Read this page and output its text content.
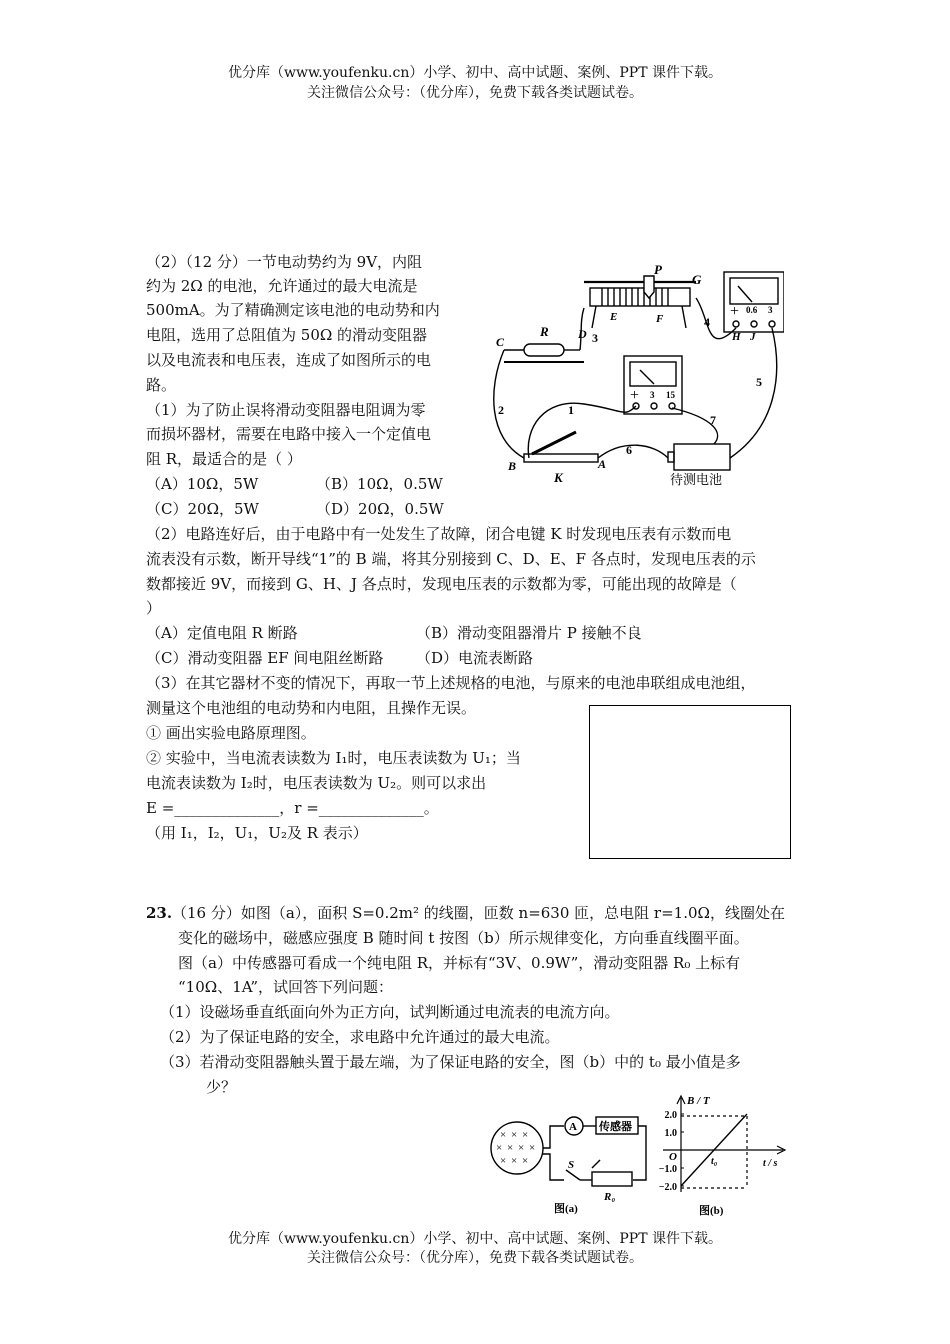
优分库（www.youfenku.cn）小学、初中、高中试题、案例、PPT 课件下载。
关注微信公众号：（优分库），免费下载各类试题试卷。
（2）（12 分）一节电动势约为 9V，内阻
约为 2Ω 的电池，允许通过的最大电流是
500mA。为了精确测定该电池的电动势和内
电阻，选用了总阻值为 50Ω 的滑动变阻器
以及电流表和电压表，连成了如图所示的电
路。
（1）为了防止误将滑动变阻器电阻调为零
而损坏器材，需要在电路中接入一个定值电
阻 R，最适合的是（ ）
（A）10Ω，5W	（B）10Ω，0.5W
（C）20Ω，5W	（D）20Ω，0.5W
（2）电路连好后，由于电路中有一处发生了故障，闭合电键 K 时发现电压表有示数而电
流表没有示数，断开导线“1”的 B 端，将其分别接到 C、D、E、F 各点时，发现电压表的示
数都接近 9V，而接到 G、H、J 各点时，发现电压表的示数都为零，可能出现的故障是（
）
（A）定值电阻 R 断路	（B）滑动变阻器滑片 P 接触不良
（C）滑动变阻器 EF 间电阻丝断路 （D）电流表断路
（3）在其它器材不变的情况下，再取一节上述规格的电池，与原来的电池串联组成电池组，
测量这个电池组的电动势和内电阻，且操作无误。
① 画出实验电路原理图。
② 实验中，当电流表读数为 I₁时，电压表读数为 U₁；当
电流表读数为 I₂时，电压表读数为 U₂。则可以求出
E =______________，r =______________。
（用 I₁，I₂，U₁，U₂及 R 表示）
P
G
E	F
R
C
D	H J
B	A
K
1
2
3
4
5
6
7
0.6 3
3 15
+
+
待测电池
23. （16 分）如图（a），面积 S=0.2m² 的线圈，匝数 n=630 匝，总电阻 r=1.0Ω，线圈处在
变化的磁场中，磁感应强度 B 随时间 t 按图（b）所示规律变化，方向垂直线圈平面。
图（a）中传感器可看成一个纯电阻 R，并标有“3V、0.9W”，滑动变阻器 R₀ 上标有
“10Ω、1A”，试回答下列问题：
（1）设磁场垂直纸面向外为正方向，试判断通过电流表的电流方向。
（2）为了保证电路的安全，求电路中允许通过的最大电流。
（3）若滑动变阻器触头置于最左端，为了保证电路的安全，图（b）中的 t₀ 最小值是多
少？
× × ×
× × × ×
× × ×
A 传感器
S
R₀
图(a)
B / T
t / s
O	t₀
2.0
1.0
−1.0
−2.0
图(b)
优分库（www.youfenku.cn）小学、初中、高中试题、案例、PPT 课件下载。
关注微信公众号：（优分库），免费下载各类试题试卷。
